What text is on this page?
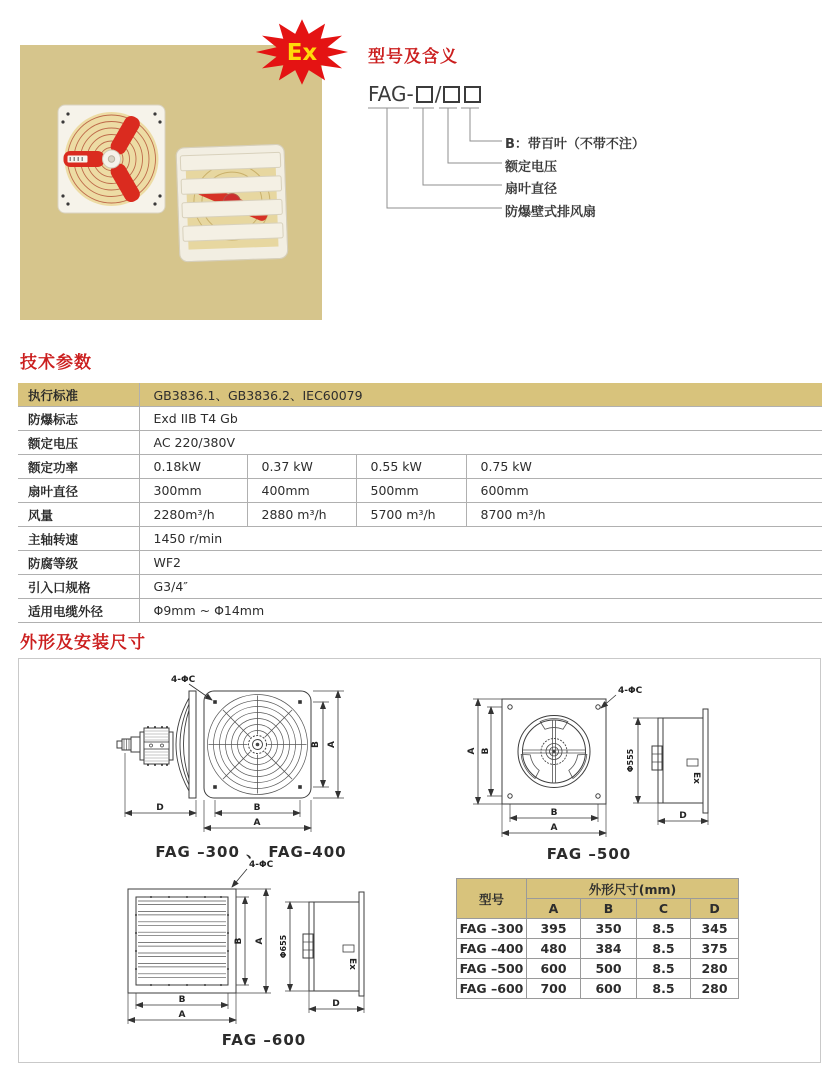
Ex	型号及含义
FAG- /
B：带百叶（不带不注）
额定电压
扇叶直径
防爆壁式排风扇
技术参数
执行标准	GB3836.1、GB3836.2、IEC60079			
防爆标志	Exd IIB T4 Gb			
额定电压	AC 220/380V			
额定功率	0.18kW	0.37 kW	0.55 kW	0.75 kW
扇叶直径	300mm	400mm	500mm	600mm
风量	2280m³/h	2880 m³/h	5700 m³/h	8700 m³/h
主轴转速	1450 r/min			
防腐等级	WF2			
引入口规格	G3/4″			
适用电缆外径	Φ9mm ~ Φ14mm			
外形及安装尺寸
4-ΦC
B A
B
A
D
FAG –300 、 FAG–400
4-ΦC
Ex
A B
B
A
Φ555
D
FAG –500
4-ΦC
Ex
B A
B
A
Φ655
D
FAG –600
型号	外形尺寸(mm)			
	A	B	C	D
FAG –300	395	350	8.5	345
FAG –400	480	384	8.5	375
FAG –500	600	500	8.5	280
FAG –600	700	600	8.5	280
